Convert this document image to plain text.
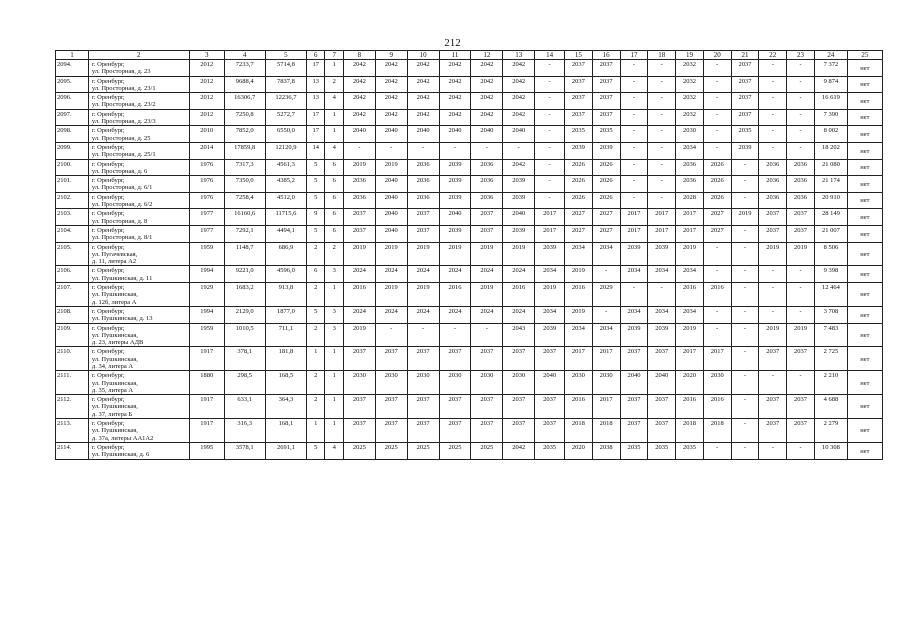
212
1	2	3	4	5	6	7	8	9	10	11	12	13	14	15	16	17	18	19	20	21	22	23	24	25
2094.	г. Оренбург,
ул. Просторная, д. 23	2012	7233,7	5714,8	17	1	2042	2042	2042	2042	2042	2042	-	2037	2037	-	-	2032	-	2037	-	-	7 372	нет
2095.	г. Оренбург,
ул. Просторная, д. 23/1	2012	9688,4	7837,8	13	2	2042	2042	2042	2042	2042	2042	-	2037	2037	-	-	2032	-	2037	-	-	9 874	нет
2096.	г. Оренбург,
ул. Просторная, д. 23/2	2012	16306,7	12236,7	13	4	2042	2042	2042	2042	2042	2042	-	2037	2037	-	-	2032	-	2037	-	-	16 619	нет
2097.	г. Оренбург,
ул. Просторная, д. 23/3	2012	7250,8	5272,7	17	1	2042	2042	2042	2042	2042	2042	-	2037	2037	-	-	2032	-	2037	-	-	7 390	нет
2098.	г. Оренбург,
ул. Просторная, д. 25	2010	7852,0	6550,0	17	1	2040	2040	2040	2040	2040	2040	-	2035	2035	-	-	2030	-	2035	-	-	8 002	нет
2099.	г. Оренбург,
ул. Просторная, д. 25/1	2014	17859,8	12120,9	14	4	-	-	-	-	-	-	-	2039	2039	-	-	2034	-	2039	-	-	18 202	нет
2100.	г. Оренбург,
ул. Просторная, д. 6	1976	7317,3	4561,3	5	6	2019	2019	2036	2039	2036	2042	-	2026	2026	-	-	2036	2026	-	2036	2036	21 080	нет
2101.	г. Оренбург,
ул. Просторная, д. 6/1	1976	7350,0	4385,2	5	6	2036	2040	2036	2039	2036	2039	-	2026	2026	-	-	2036	2026	-	2036	2036	21 174	нет
2102.	г. Оренбург,
ул. Просторная, д. 6/2	1976	7258,4	4512,0	5	6	2036	2040	2036	2039	2036	2039	-	2026	2026	-	-	2028	2026	-	2036	2036	20 910	нет
2103.	г. Оренбург,
ул. Просторная, д. 8	1977	16160,6	11715,6	9	6	2037	2040	2037	2040	2037	2040	2017	2027	2027	2017	2017	2017	2027	2019	2037	2037	28 149	нет
2104.	г. Оренбург,
ул. Просторная, д. 8/1	1977	7292,1	4494,1	5	6	2037	2040	2037	2039	2037	2039	2017	2027	2027	2017	2017	2017	2027	-	2037	2037	21 007	нет
2105.	г. Оренбург,
ул. Пугачевская,
д. 11, литера А2	1959	1148,7	686,9	2	2	2019	2019	2019	2019	2019	2019	2039	2034	2034	2039	2039	2019	-	-	2019	2019	8 506	нет
2106.	г. Оренбург,
ул. Пушкинская, д. 11	1994	9221,0	4596,0	6	3	2024	2024	2024	2024	2024	2024	2034	2019	-	2034	2034	2034	-	-	-	-	9 398	нет
2107.	г. Оренбург,
ул. Пушкинская,
д. 12б, литера А	1929	1683,2	913,8	2	1	2016	2019	2019	2016	2019	2016	2019	2016	2029	-	-	2016	2016	-	-	-	12 464	нет
2108.	г. Оренбург,
ул. Пушкинская, д. 13	1994	2129,0	1877,0	5	3	2024	2024	2024	2024	2024	2024	2034	2019	-	2034	2034	2034	-	-	-	-	3 708	нет
2109.	г. Оренбург,
ул. Пушкинская,
д. 23, литеры АДВ	1959	1010,5	711,1	2	3	2019	-	-	-	-	2043	2039	2034	2034	2039	2039	2019	-	-	2019	2019	7 483	нет
2110.	г. Оренбург,
ул. Пушкинская,
д. 34, литера А	1917	378,1	181,8	1	1	2037	2037	2037	2037	2037	2037	2037	2017	2017	2037	2037	2017	2017	-	2037	2037	2 725	нет
2111.	г. Оренбург,
ул. Пушкинская,
д. 35, литера А	1880	298,5	168,5	2	1	2030	2030	2030	2030	2030	2030	2040	2030	2030	2040	2040	2020	2030	-	-	-	2 210	нет
2112.	г. Оренбург,
ул. Пушкинская,
д. 37, литера Б	1917	633,1	364,3	2	1	2037	2037	2037	2037	2037	2037	2037	2016	2017	2037	2037	2016	2016	-	2037	2037	4 688	нет
2113.	г. Оренбург,
ул. Пушкинская,
д. 37а, литеры АА1А2	1917	316,3	168,1	1	1	2037	2037	2037	2037	2037	2037	2037	2018	2018	2037	2037	2018	2018	-	2037	2037	2 279	нет
2114.	г. Оренбург,
ул. Пушкинская, д. 6	1995	3578,1	2691,1	5	4	2025	2025	2025	2025	2025	2042	2035	2020	2038	2035	2035	2035	-	-	-	-	10 308	нет
